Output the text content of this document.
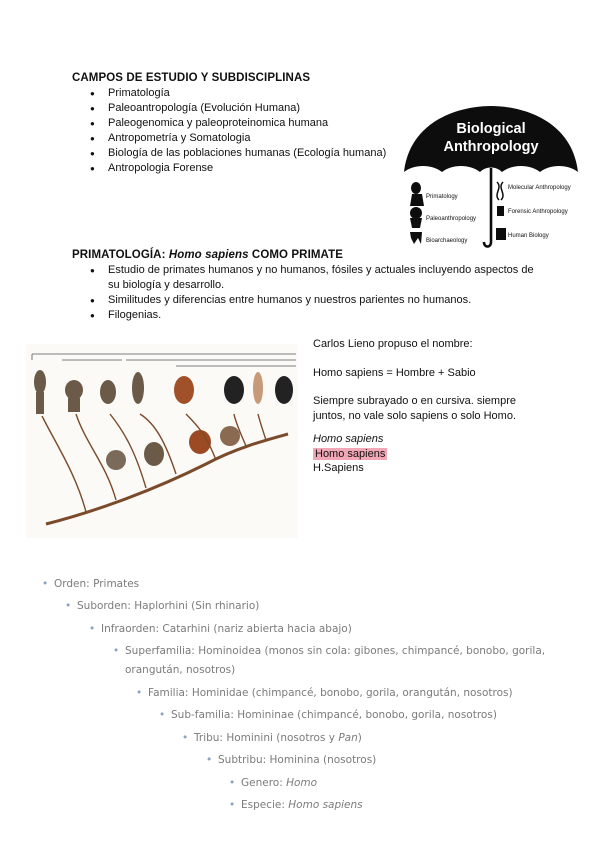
CAMPOS DE ESTUDIO Y SUBDISCIPLINAS
● Primatología
● Paleoantropología (Evolución Humana)
● Paleogenomica y paleoproteinomica humana
● Antropometría y Somatologia
● Biología de las poblaciones humanas (Ecología humana)
● Antropologia Forense
Biological
Anthropology
Primatology
Paleoanthropology
Bioarchaeology
Molecular Anthropology
Forensic Anthropology
Human Biology
PRIMATOLOGÍA: Homo sapiens COMO PRIMATE
● Estudio de primates humanos y no humanos, fósiles y actuales incluyendo aspectos de su biología y desarrollo.
● Similitudes y diferencias entre humanos y nuestros parientes no humanos.
● Filogenias.
Carlos Lieno propuso el nombre:
Homo sapiens = Hombre + Sabio
Siempre subrayado o en cursiva. siempre juntos, no vale solo sapiens o solo Homo.
Homo sapiens
Homo sapiens
H.Sapiens
• Orden: Primates
• Suborden: Haplorhini (Sin rhinario)
• Infraorden: Catarhini (nariz abierta hacia abajo)
• Superfamilia: Hominoidea (monos sin cola: gibones, chimpancé, bonobo, gorila,
orangután, nosotros)
• Familia: Hominidae (chimpancé, bonobo, gorila, orangután, nosotros)
• Sub-familia: Homininae (chimpancé, bonobo, gorila, nosotros)
• Tribu: Hominini (nosotros y Pan)
• Subtribu: Hominina (nosotros)
• Genero: Homo
• Especie: Homo sapiens
